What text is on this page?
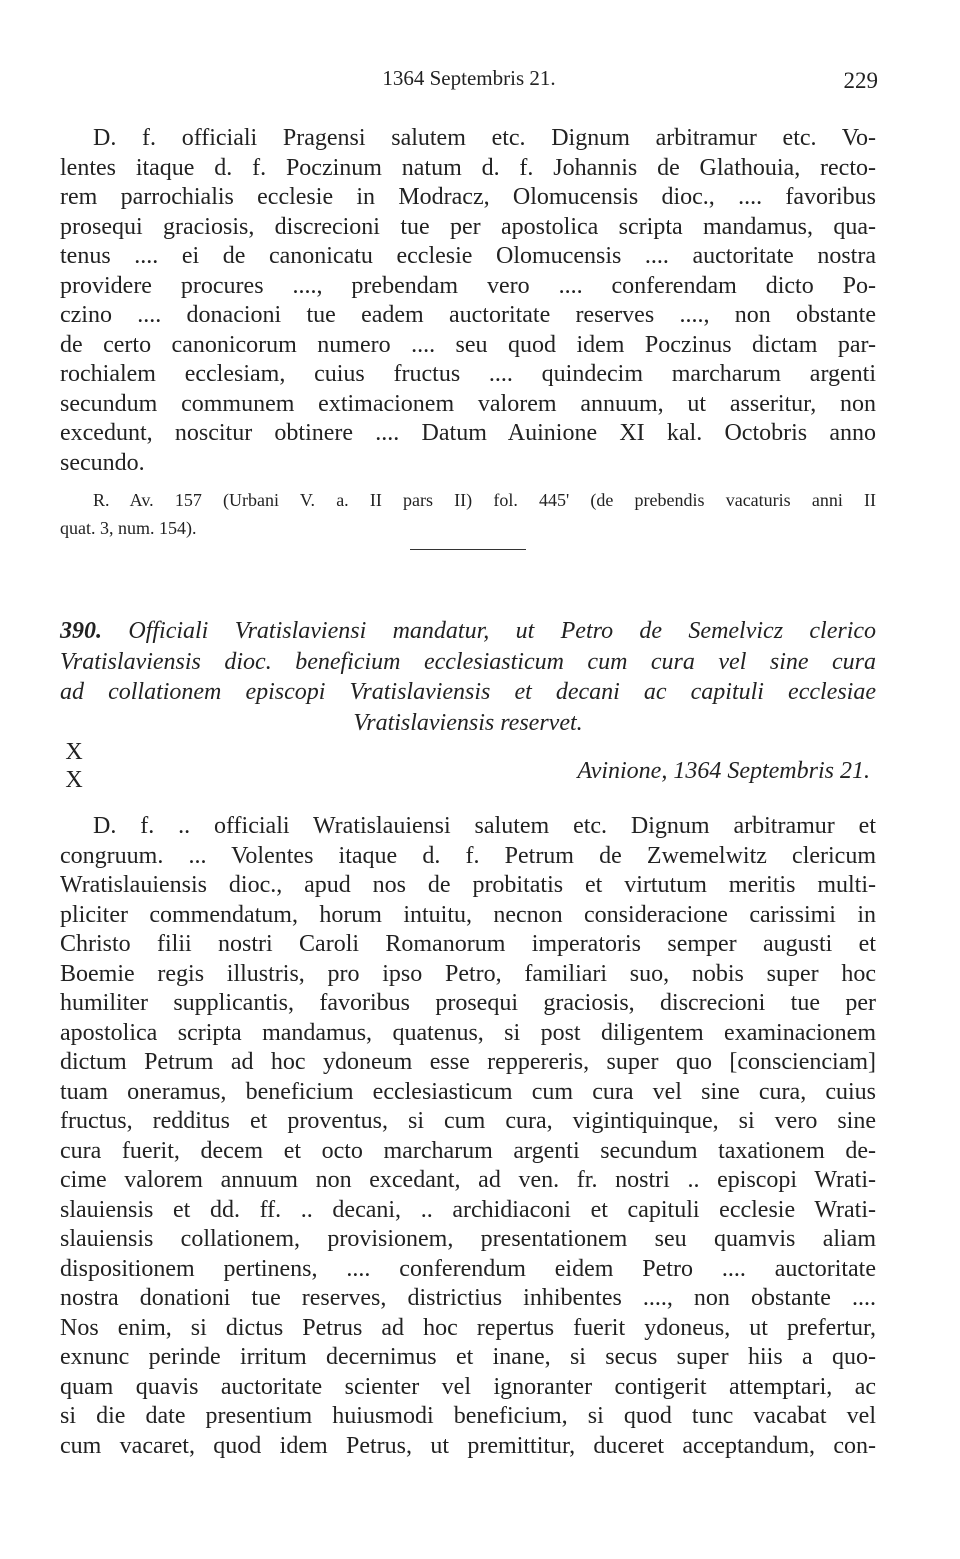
1364 Septembris 21.	229
D. f. officiali Pragensi salutem etc. Dignum arbitramur etc. Vo-
lentes itaque d. f. Poczinum natum d. f. Johannis de Glathouia, recto-
rem parrochialis ecclesie in Modracz, Olomucensis dioc., .... favoribus
prosequi graciosis, discrecioni tue per apostolica scripta mandamus, qua-
tenus .... ei de canonicatu ecclesie Olomucensis .... auctoritate nostra
providere procures ...., prebendam vero .... conferendam dicto Po-
czino .... donacioni tue eadem auctoritate reserves ...., non obstante
de certo canonicorum numero .... seu quod idem Poczinus dictam par-
rochialem ecclesiam, cuius fructus .... quindecim marcharum argenti
secundum communem extimacionem valorem annuum, ut asseritur, non
excedunt, noscitur obtinere .... Datum Auinione XI kal. Octobris anno
secundo.
R. Av. 157 (Urbani V. a. II pars II) fol. 445' (de prebendis vacaturis anni II
quat. 3, num. 154).
390. Officiali Vratislaviensi mandatur, ut Petro de Semelvicz clerico
Vratislaviensis dioc. beneficium ecclesiasticum cum cura vel sine cura
ad collationem episcopi Vratislaviensis et decani ac capituli ecclesiae
Vratislaviensis reservet.
X
X	Avinione, 1364 Septembris 21.
D. f. .. officiali Wratislauiensi salutem etc. Dignum arbitramur et
congruum. ... Volentes itaque d. f. Petrum de Zwemelwitz clericum
Wratislauiensis dioc., apud nos de probitatis et virtutum meritis multi-
pliciter commendatum, horum intuitu, necnon consideracione carissimi in
Christo filii nostri Caroli Romanorum imperatoris semper augusti et
Boemie regis illustris, pro ipso Petro, familiari suo, nobis super hoc
humiliter supplicantis, favoribus prosequi graciosis, discrecioni tue per
apostolica scripta mandamus, quatenus, si post diligentem examinacionem
dictum Petrum ad hoc ydoneum esse reppereris, super quo [conscienciam]
tuam oneramus, beneficium ecclesiasticum cum cura vel sine cura, cuius
fructus, redditus et proventus, si cum cura, vigintiquinque, si vero sine
cura fuerit, decem et octo marcharum argenti secundum taxationem de-
cime valorem annuum non excedant, ad ven. fr. nostri .. episcopi Wrati-
slauiensis et dd. ff. .. decani, .. archidiaconi et capituli ecclesie Wrati-
slauiensis collationem, provisionem, presentationem seu quamvis aliam
dispositionem pertinens, .... conferendum eidem Petro .... auctoritate
nostra donationi tue reserves, districtius inhibentes ...., non obstante ....
Nos enim, si dictus Petrus ad hoc repertus fuerit ydoneus, ut prefertur,
exnunc perinde irritum decernimus et inane, si secus super hiis a quo-
quam quavis auctoritate scienter vel ignoranter contigerit attemptari, ac
si die date presentium huiusmodi beneficium, si quod tunc vacabat vel
cum vacaret, quod idem Petrus, ut premittitur, duceret acceptandum, con-
